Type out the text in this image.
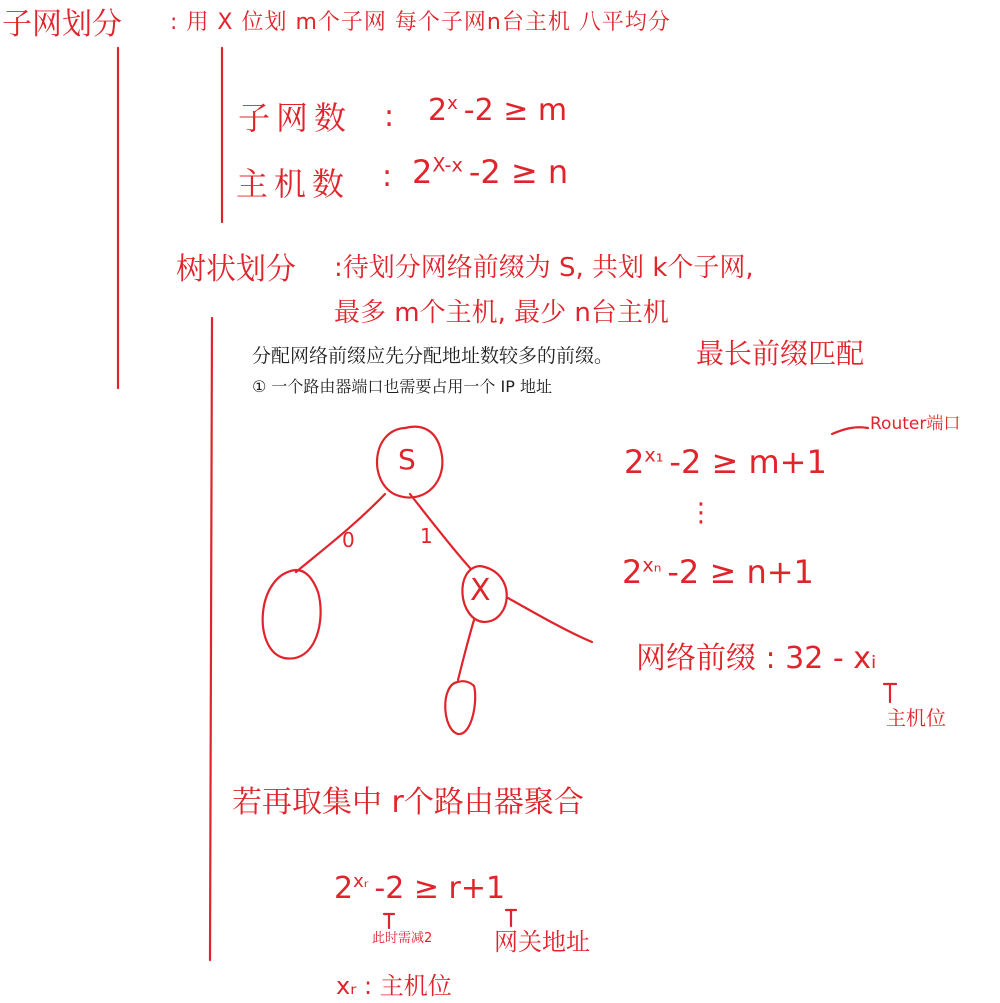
子网划分 : 用 X 位划 m个子网 每个子网n台主机 八平均分
子网数 : 2$^x$ -2 ≥ m
主机数 : $2^{X-x}$ -2 ≥ n
树状划分 :待划分网络前缀为 S, 共划 k个子网,
最多 m个主机, 最少 n台主机
分配网络前缀应先分配地址数较多的前缀。
① 一个路由器端口也需要占用一个 IP 地址
最长前缀匹配
S
0	1
X
$2^{x_1}$ -2 ≥ m+1
Router端口
⋮
$2^{x_n}$ -2 ≥ n+1
网络前缀 : 32 - xᵢ
主机位
若再取集中 r个路由器聚合
$2^{xᵣ}$ -2 ≥ r+1
此时需减2	网关地址
xᵣ : 主机位
